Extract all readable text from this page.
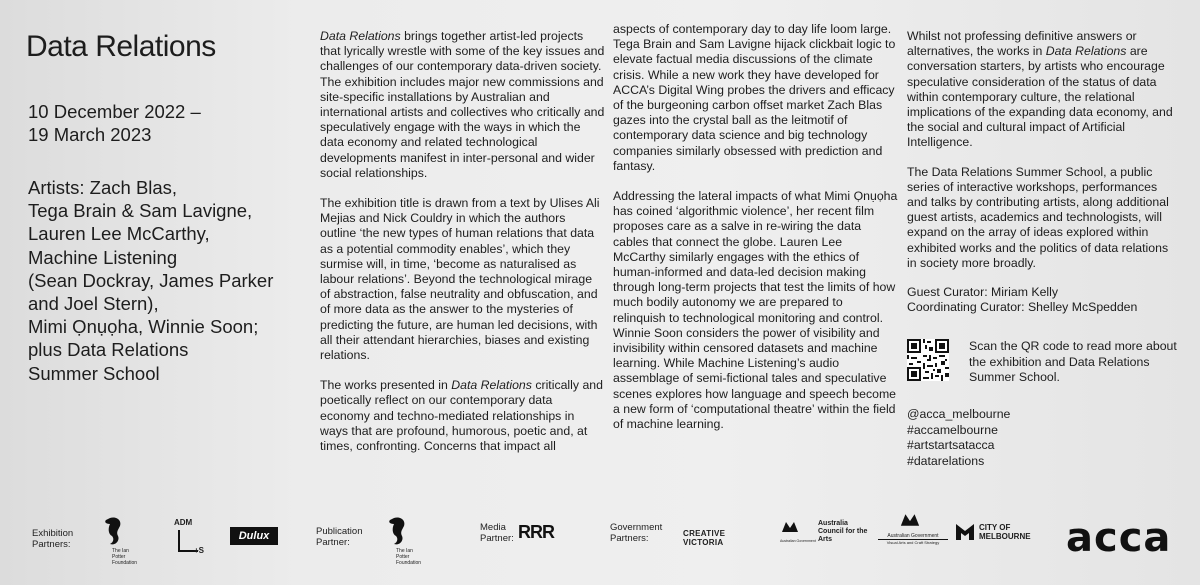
Data Relations
10 December 2022 –
19 March 2023
Artists: Zach Blas,
Tega Brain & Sam Lavigne,
Lauren Lee McCarthy,
Machine Listening
(Sean Dockray, James Parker
and Joel Stern),
Mimi Ọnụọha, Winnie Soon;
plus Data Relations
Summer School

Data Relations brings together artist-led projects that lyrically wrestle with some of the key issues and challenges of our contemporary data-driven society. The exhibition includes major new commissions and site-specific installations by Australian and international artists and collectives who critically and speculatively engage with the ways in which the data economy and related technological developments manifest in inter-personal and wider social relationships.

The exhibition title is drawn from a text by Ulises Ali Mejias and Nick Couldry in which the authors outline ‘the new types of human relations that data as a potential commodity enables’, which they surmise will, in time, ‘become as naturalised as labour relations’. Beyond the technological mirage of abstraction, false neutrality and obfuscation, and of more data as the answer to the mysteries of predicting the future, are human led decisions, with all their attendant hierarchies, biases and existing relations.

The works presented in Data Relations critically and poetically reflect on our contemporary data economy and techno-mediated relationships in ways that are profound, humorous, poetic and, at times, confronting. Concerns that impact all

aspects of contemporary day to day life loom large. Tega Brain and Sam Lavigne hijack clickbait logic to elevate factual media discussions of the climate crisis. While a new work they have developed for ACCA’s Digital Wing probes the drivers and efficacy of the burgeoning carbon offset market Zach Blas gazes into the crystal ball as the leitmotif of contemporary data science and big technology companies similarly obsessed with prediction and fantasy.

Addressing the lateral impacts of what Mimi Ọnụọha has coined ‘algorithmic violence’, her recent film proposes care as a salve in re-wiring the data cables that connect the globe. Lauren Lee McCarthy similarly engages with the ethics of human-informed and data-led decision making through long-term projects that test the limits of how much bodily autonomy we are prepared to relinquish to technological monitoring and control. Winnie Soon considers the power of visibility and invisibility within censored datasets and machine learning. While Machine Listening’s audio assemblage of semi-fictional tales and speculative scenes explores how language and speech become a new form of ‘computational theatre’ within the field of machine learning.

Whilst not professing definitive answers or alternatives, the works in Data Relations are conversation starters, by artists who encourage speculative consideration of the status of data within contemporary culture, the relational implications of the expanding data economy, and the social and cultural impact of Artificial Intelligence.

The Data Relations Summer School, a public series of interactive workshops, performances and talks by contributing artists, along additional guest artists, academics and technologists, will expand on the array of ideas explored within exhibited works and the politics of data relations in society more broadly.

Guest Curator: Miriam Kelly
Coordinating Curator: Shelley McSpedden
Scan the QR code to read more about the exhibition and Data Relations Summer School.
@acca_melbourne
#accamelbourne
#artstartsatacca
#datarelations
Exhibition Partners:
The Ian Potter Foundation
ADM
+S
Dulux	Publication Partner:
The Ian Potter Foundation
Media Partner: RRR	Government Partners:	CREATIVE VICTORIA	Australian Government
Australia Council for the Arts	Australian Government
Visual Arts and Craft Strategy
CITY OF MELBOURNE acca
